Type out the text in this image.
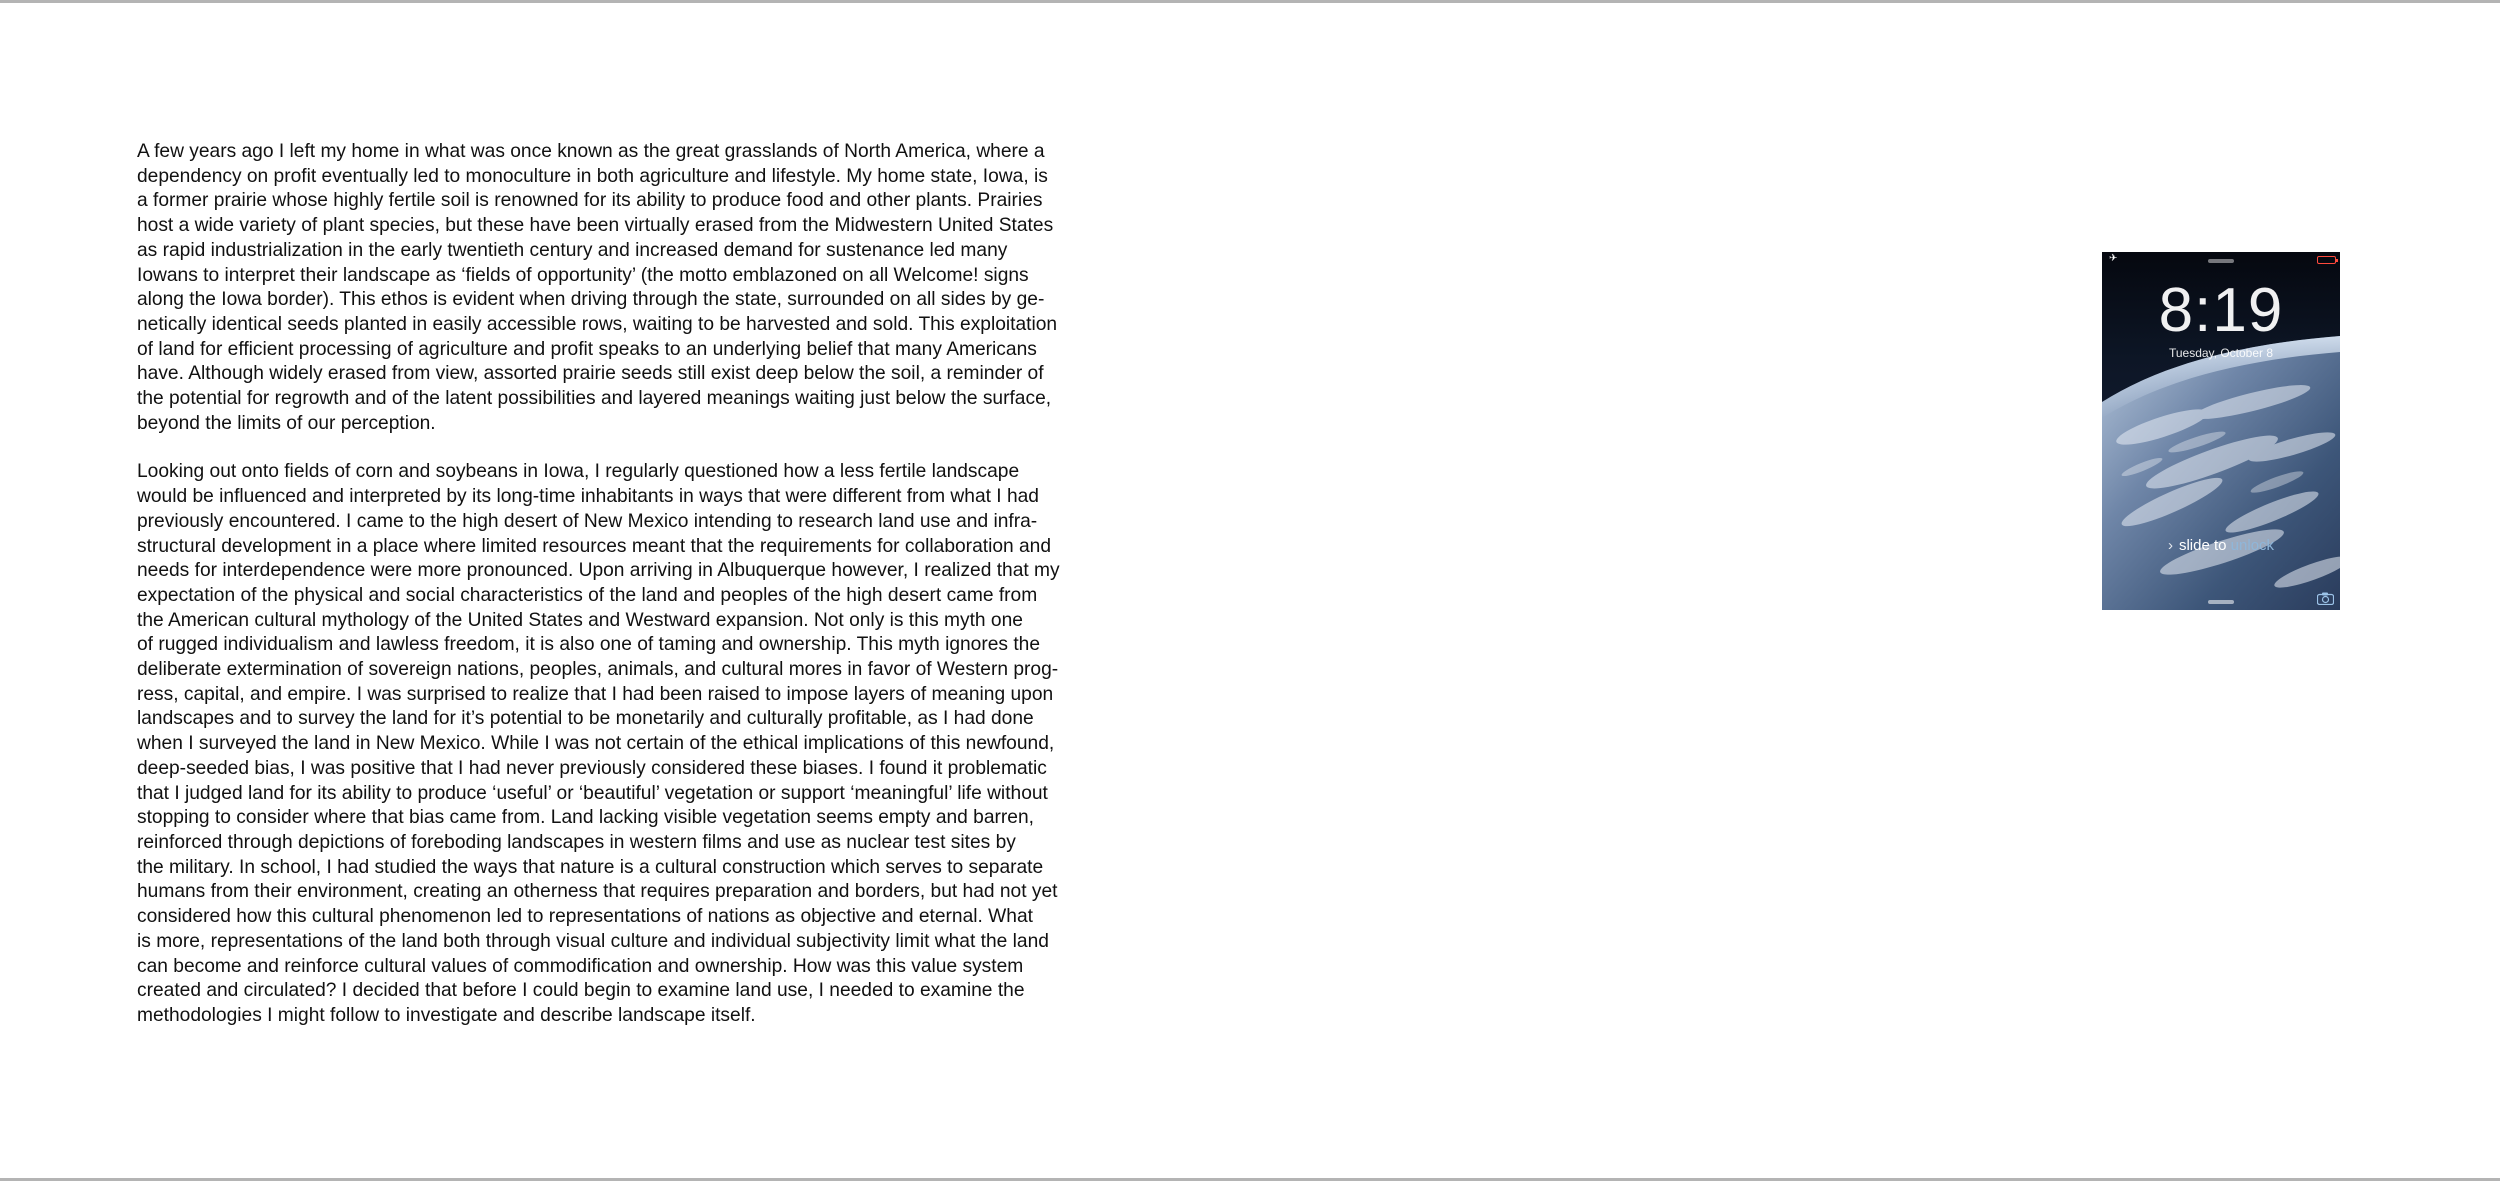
A few years ago I left my home in what was once known as the great grasslands of North America, where a
dependency on profit eventually led to monoculture in both agriculture and lifestyle. My home state, Iowa, is
a former prairie whose highly fertile soil is renowned for its ability to produce food and other plants. Prairies
host a wide variety of plant species, but these have been virtually erased from the Midwestern United States
as rapid industrialization in the early twentieth century and increased demand for sustenance led many
Iowans to interpret their landscape as ‘fields of opportunity’ (the motto emblazoned on all Welcome! signs
along the Iowa border). This ethos is evident when driving through the state, surrounded on all sides by ge-
netically identical seeds planted in easily accessible rows, waiting to be harvested and sold. This exploitation
of land for efficient processing of agriculture and profit speaks to an underlying belief that many Americans
have. Although widely erased from view, assorted prairie seeds still exist deep below the soil, a reminder of
the potential for regrowth and of the latent possibilities and layered meanings waiting just below the surface,
beyond the limits of our perception.

Looking out onto fields of corn and soybeans in Iowa, I regularly questioned how a less fertile landscape
would be influenced and interpreted by its long-time inhabitants in ways that were different from what I had
previously encountered. I came to the high desert of New Mexico intending to research land use and infra-
structural development in a place where limited resources meant that the requirements for collaboration and
needs for interdependence were more pronounced. Upon arriving in Albuquerque however, I realized that my
expectation of the physical and social characteristics of the land and peoples of the high desert came from
the American cultural mythology of the United States and Westward expansion. Not only is this myth one
of rugged individualism and lawless freedom, it is also one of taming and ownership. This myth ignores the
deliberate extermination of sovereign nations, peoples, animals, and cultural mores in favor of Western prog-
ress, capital, and empire. I was surprised to realize that I had been raised to impose layers of meaning upon
landscapes and to survey the land for it’s potential to be monetarily and culturally profitable, as I had done
when I surveyed the land in New Mexico. While I was not certain of the ethical implications of this newfound,
deep-seeded bias, I was positive that I had never previously considered these biases. I found it problematic
that I judged land for its ability to produce ‘useful’ or ‘beautiful’ vegetation or support ‘meaningful’ life without
stopping to consider where that bias came from. Land lacking visible vegetation seems empty and barren,
reinforced through depictions of foreboding landscapes in western films and use as nuclear test sites by
the military. In school, I had studied the ways that nature is a cultural construction which serves to separate
humans from their environment, creating an otherness that requires preparation and borders, but had not yet
considered how this cultural phenomenon led to representations of nations as objective and eternal. What
is more, representations of the land both through visual culture and individual subjectivity limit what the land
can become and reinforce cultural values of commodification and ownership. How was this value system
created and circulated? I decided that before I could begin to examine land use, I needed to examine the
methodologies I might follow to investigate and describe landscape itself.

✈
8:19
Tuesday, October 8
› slide to unlock
